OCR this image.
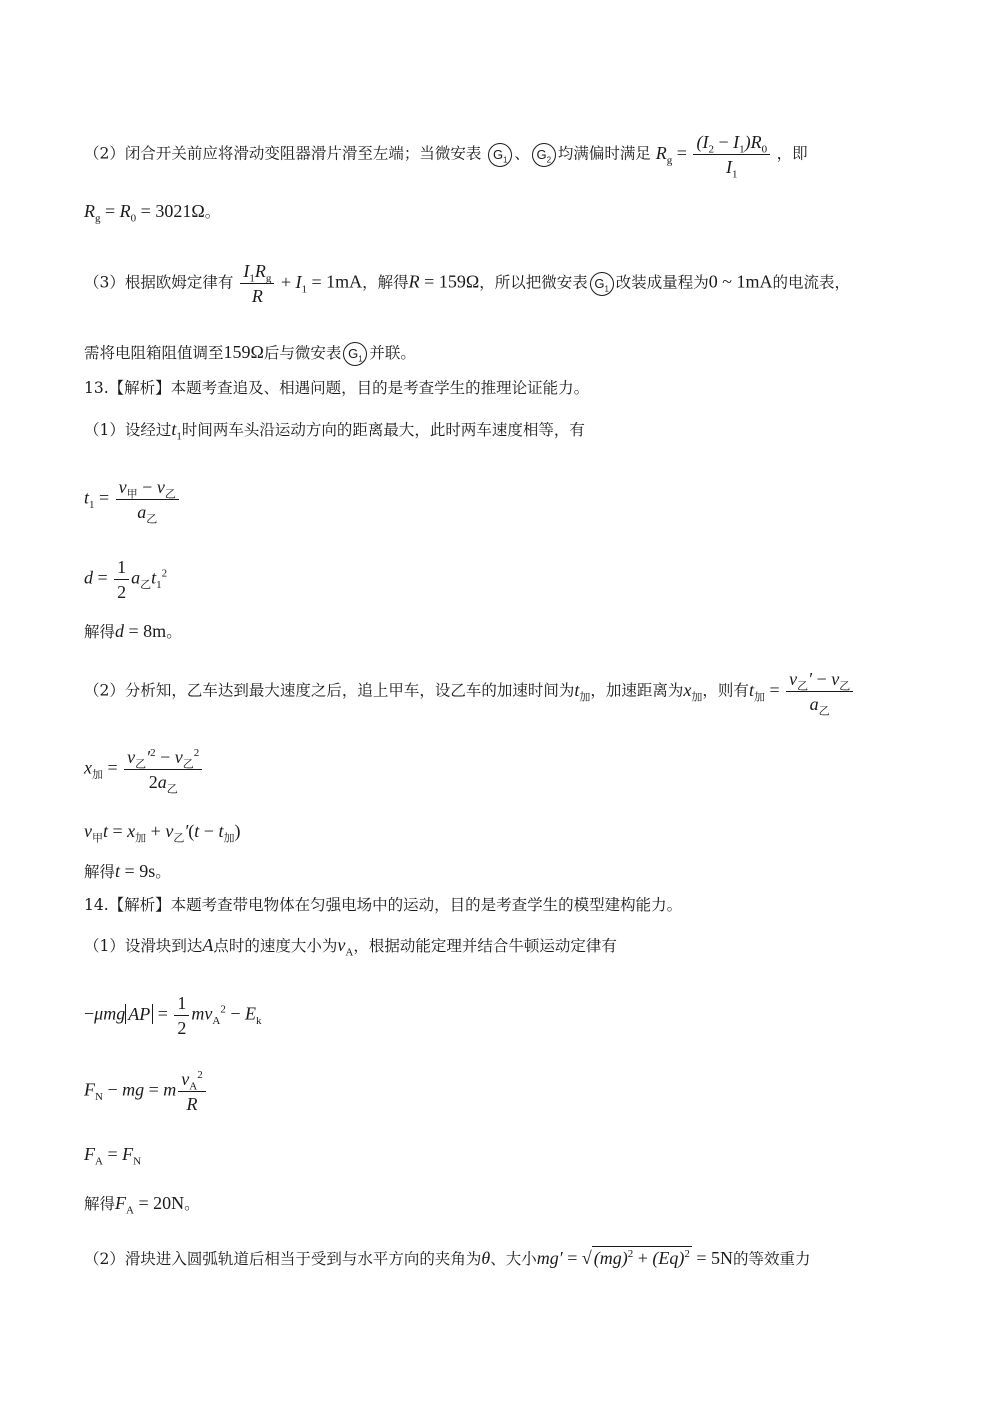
（2）闭合开关前应将滑动变阻器滑片滑至左端；当微安表 $G_1$ 、 $G_2$ 均满偏时满足 $R_g = \frac{(I_2 - I_1)R_0}{I_1}$ ，即
$R_g = R_0 = 3021\Omega$。
（3）根据欧姆定律有 $\frac{I_1R_g}{R} + I_1 = 1mA$，解得R = 159Ω，所以把微安表 $G_1$ 改装成量程为0 ~ 1mA的电流表，
需将电阻箱阻值调至159Ω后与微安表 $G_1$ 并联。
13.【解析】本题考查追及、相遇问题，目的是考查学生的推理论证能力。
（1）设经过$t_1$时间两车头沿运动方向的距离最大，此时两车速度相等，有
$t_1 = \frac{v_甲 - v_乙}{a_乙}$
$d = \frac{1}{2} a_乙t_1^2$
解得d = 8m。
（2）分析知，乙车达到最大速度之后，追上甲车，设乙车的加速时间为$t_加$，加速距离为$x_加$，则有$t_加 = \frac{v_乙' - v_乙}{a_乙}$
$x_加 = \frac{v_乙'^2 - v_乙^2}{2a_乙}$
$v_甲t = x_加 + v_乙'(t - t_加)$
解得t = 9s。
14.【解析】本题考查带电物体在匀强电场中的运动，目的是考查学生的模型建构能力。
（1）设滑块到达A点时的速度大小为$v_A$，根据动能定理并结合牛顿运动定律有
−μmg AP = $\frac{1}{2} mv_A^2 - E_k$
$F_N$ − mg = m $\frac{v_A^2}{R}$
$F_A = F_N$
解得$F_A = 20N$。
（2）滑块进入圆弧轨道后相当于受到与水平方向的夹角为θ、大小mg′ = √ $(mg)^2 + (Eq)^2 = 5N$的等效重力
